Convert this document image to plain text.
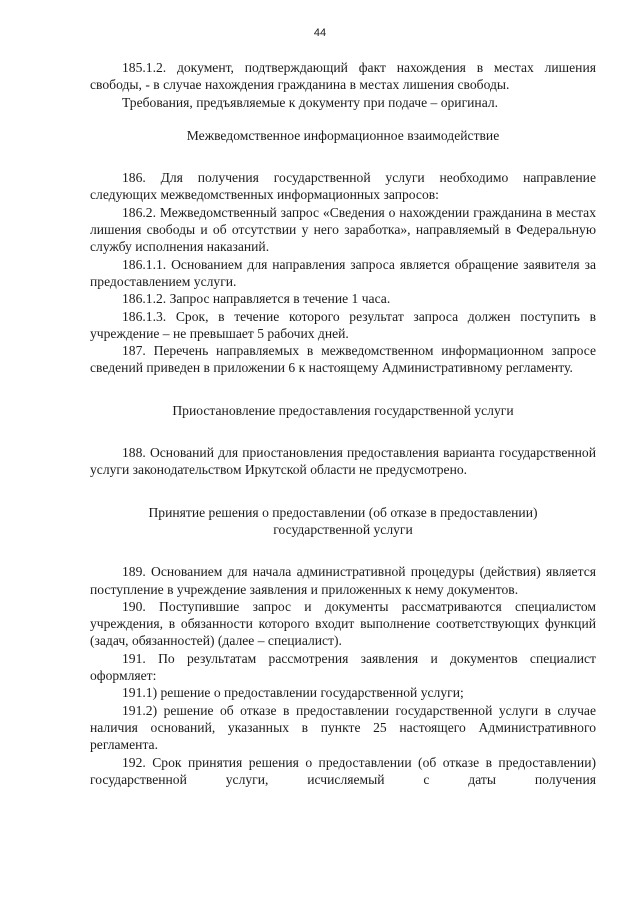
44

185.1.2. документ, подтверждающий факт нахождения в местах лишения свободы, - в случае нахождения гражданина в местах лишения свободы.

Требования, предъявляемые к документу при подаче – оригинал.

Межведомственное информационное взаимодействие

186. Для получения государственной услуги необходимо направление следующих межведомственных информационных запросов:

186.2. Межведомственный запрос «Сведения о нахождении гражданина в местах лишения свободы и об отсутствии у него заработка», направляемый в Федеральную службу исполнения наказаний.

186.1.1. Основанием для направления запроса является обращение заявителя за предоставлением услуги.

186.1.2. Запрос направляется в течение 1 часа.

186.1.3. Срок, в течение которого результат запроса должен поступить в учреждение – не превышает 5 рабочих дней.

187. Перечень направляемых в межведомственном информационном запросе сведений приведен в приложении 6 к настоящему Административному регламенту.

Приостановление предоставления государственной услуги

188. Оснований для приостановления предоставления варианта государственной услуги законодательством Иркутской области не предусмотрено.

Принятие решения о предоставлении (об отказе в предоставлении)
государственной услуги

189. Основанием для начала административной процедуры (действия) является поступление в учреждение заявления и приложенных к нему документов.

190. Поступившие запрос и документы рассматриваются специалистом учреждения, в обязанности которого входит выполнение соответствующих функций (задач, обязанностей) (далее – специалист).

191. По результатам рассмотрения заявления и документов специалист оформляет:

191.1) решение о предоставлении государственной услуги;

191.2) решение об отказе в предоставлении государственной услуги в случае наличия оснований, указанных в пункте 25 настоящего Административного регламента.

192. Срок принятия решения о предоставлении (об отказе в предоставлении) государственной услуги, исчисляемый с даты получения
